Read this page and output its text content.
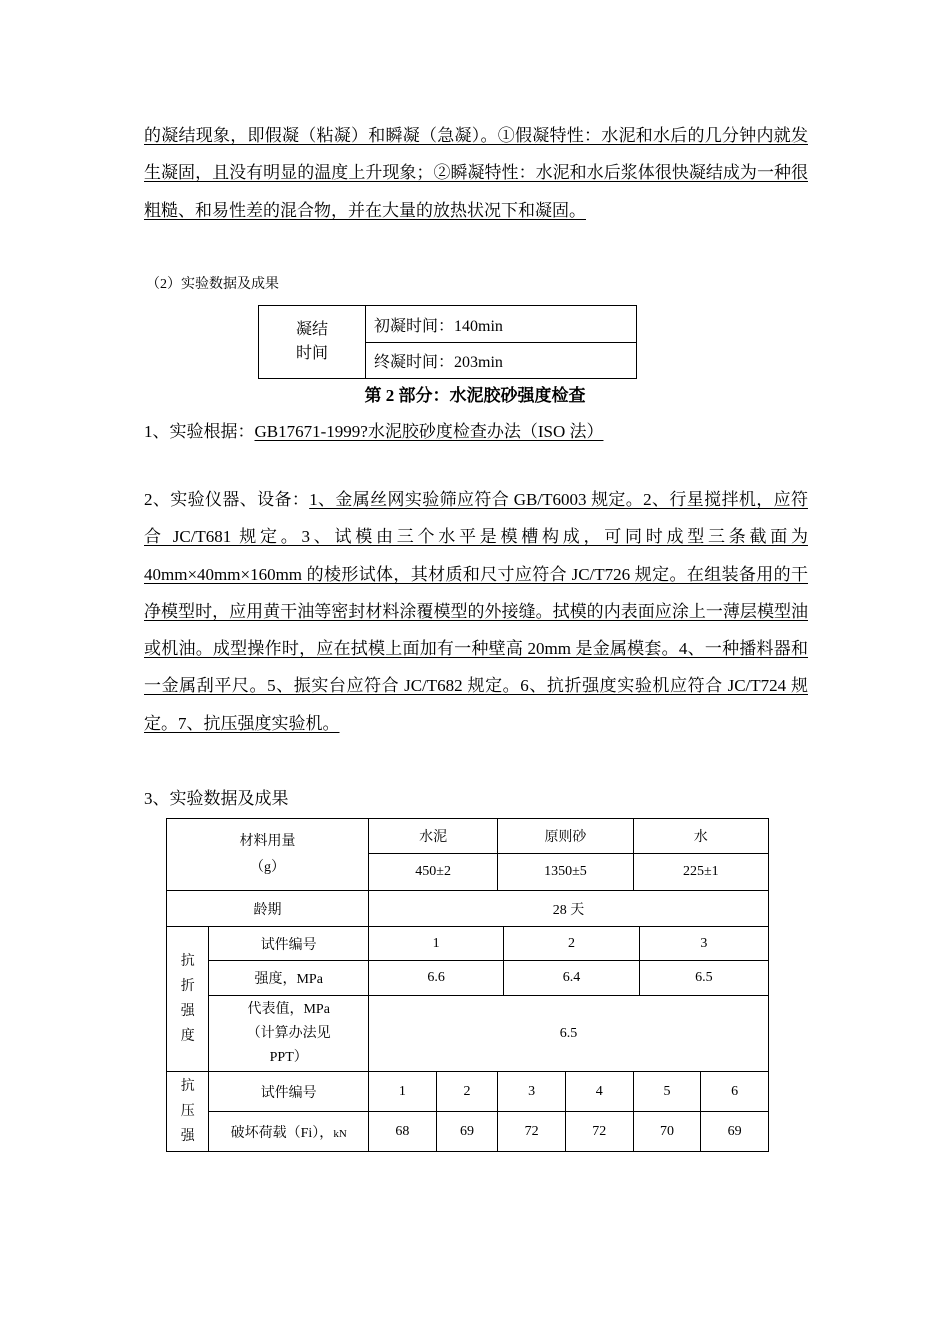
的凝结现象，即假凝（粘凝）和瞬凝（急凝）。①假凝特性：水泥和水后的几分钟内就发生凝固，且没有明显的温度上升现象；②瞬凝特性：水泥和水后浆体很快凝结成为一种很粗糙、和易性差的混合物，并在大量的放热状况下和凝固。
（2）实验数据及成果
凝结
时间	初凝时间：140min
终凝时间：203min
第 2 部分：水泥胶砂强度检查
1、实验根据：GB17671-1999?水泥胶砂度检查办法（ISO 法）
2、实验仪器、设备：1、金属丝网实验筛应符合 GB/T6003 规定。2、行星搅拌机，应符合 JC/T681 规定。3、试模由三个水平是模槽构成，可同时成型三条截面为 40mm×40mm×160mm 的棱形试体，其材质和尺寸应符合 JC/T726 规定。在组装备用的干净模型时，应用黄干油等密封材料涂覆模型的外接缝。拭模的内表面应涂上一薄层模型油或机油。成型操作时，应在拭模上面加有一种壁高 20mm 是金属模套。4、一种播料器和一金属刮平尺。5、振实台应符合 JC/T682 规定。6、抗折强度实验机应符合 JC/T724 规定。7、抗压强度实验机。
3、实验数据及成果
材料用量
（g）		水泥		原则砂			水		
		450±2		1350±5			225±1		
龄期		28 天							

抗
折
强
度	试件编号	1			2			3	
	强度，MPa	6.6			6.4			6.5	

	代表值，MPa
（计算办法见
PPT）	6.5							

抗
压
强	试件编号	1	2	3		4	5		6
	破坏荷载（Fi），kN	68	69	72		72	70		69
